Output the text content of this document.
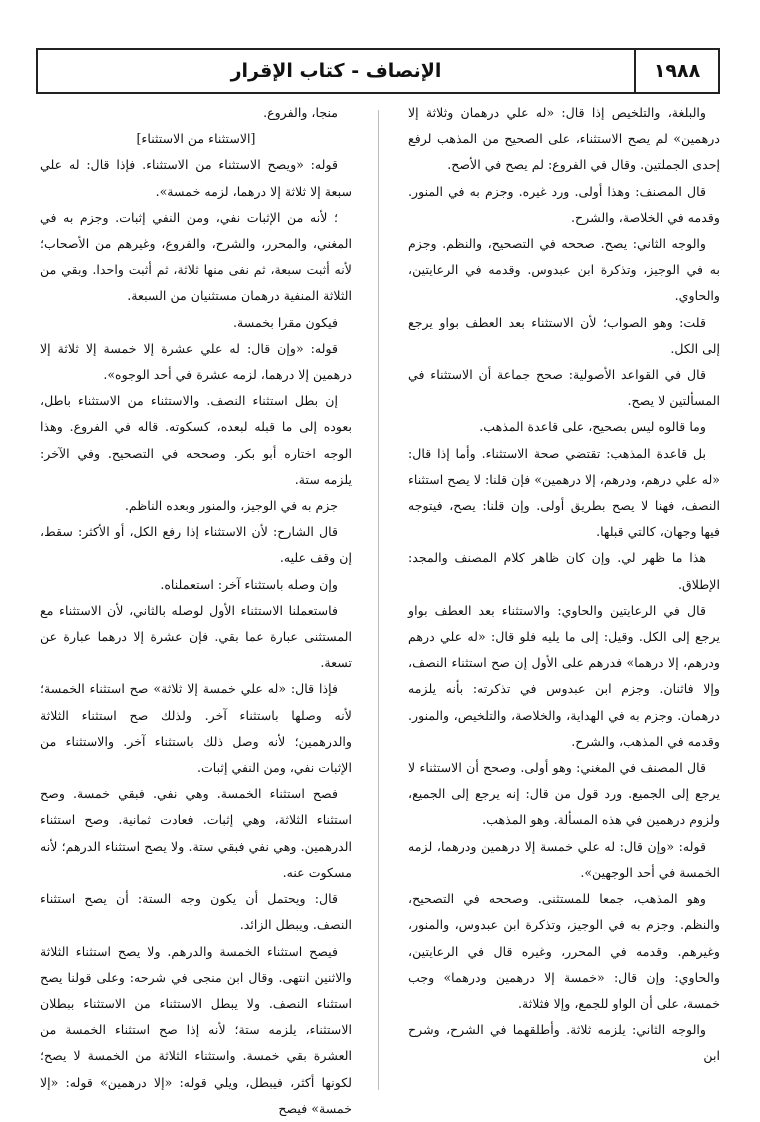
١٩٨٨
الإنصاف - كتاب الإقرار

والبلغة، والتلخيص إذا قال: «له علي درهمان وثلاثة إلا درهمين» لم يصح الاستثناء، على الصحيح من المذهب لرفع إحدى الجملتين. وقال في الفروع: لم يصح في الأصح.

قال المصنف: وهذا أولى. ورد غيره. وجزم به في المنور. وقدمه في الخلاصة، والشرح.

والوجه الثاني: يصح. صححه في التصحيح، والنظم. وجزم به في الوجيز، وتذكرة ابن عبدوس. وقدمه في الرعايتين، والحاوي.

قلت: وهو الصواب؛ لأن الاستثناء بعد العطف بواو يرجع إلى الكل.

قال في القواعد الأصولية: صحح جماعة أن الاستثناء في المسألتين لا يصح.

وما قالوه ليس بصحيح، على قاعدة المذهب.

بل قاعدة المذهب: تقتضي صحة الاستثناء. وأما إذا قال: «له علي درهم، ودرهم، إلا درهمين» فإن قلنا: لا يصح استثناء النصف، فهنا لا يصح بطريق أولى. وإن قلنا: يصح، فيتوجه فيها وجهان، كالتي قبلها.

هذا ما ظهر لي. وإن كان ظاهر كلام المصنف والمجد: الإطلاق.

قال في الرعايتين والحاوي: والاستثناء بعد العطف بواو يرجع إلى الكل. وقيل: إلى ما يليه فلو قال: «له علي درهم ودرهم، إلا درهما» فدرهم على الأول إن صح استثناء النصف، وإلا فاثنان. وجزم ابن عبدوس في تذكرته: بأنه يلزمه درهمان. وجزم به في الهداية، والخلاصة، والتلخيص، والمنور. وقدمه في المذهب، والشرح.

قال المصنف في المغني: وهو أولى. وصحح أن الاستثناء لا يرجع إلى الجميع. ورد قول من قال: إنه يرجع إلى الجميع، ولزوم درهمين في هذه المسألة. وهو المذهب.

قوله: «وإن قال: له علي خمسة إلا درهمين ودرهما، لزمه الخمسة في أحد الوجهين».

وهو المذهب، جمعا للمستثنى. وصححه في التصحيح، والنظم. وجزم به في الوجيز، وتذكرة ابن عبدوس، والمنور، وغيرهم. وقدمه في المحرر، وغيره قال في الرعايتين، والحاوي: وإن قال: «خمسة إلا درهمين ودرهما» وجب خمسة، على أن الواو للجمع، وإلا فثلاثة.

والوجه الثاني: يلزمه ثلاثة. وأطلقهما في الشرح، وشرح ابن

منجا، والفروع.

[الاستثناء من الاستثناء]

قوله: «ويصح الاستثناء من الاستثناء. فإذا قال: له علي سبعة إلا ثلاثة إلا درهما، لزمه خمسة».

؛ لأنه من الإثبات نفي، ومن النفي إثبات. وجزم به في المغني، والمحرر، والشرح، والفروع، وغيرهم من الأصحاب؛ لأنه أثبت سبعة، ثم نفى منها ثلاثة، ثم أثبت واحدا. وبقي من الثلاثة المنفية درهمان مستثنيان من السبعة.

فيكون مقرا بخمسة.

قوله: «وإن قال: له علي عشرة إلا خمسة إلا ثلاثة إلا درهمين إلا درهما، لزمه عشرة في أحد الوجوه».

إن بطل استثناء النصف. والاستثناء من الاستثناء باطل، بعوده إلى ما قبله لبعده، كسكوته. قاله في الفروع. وهذا الوجه اختاره أبو بكر. وصححه في التصحيح. وفي الآخر: يلزمه ستة.

جزم به في الوجيز، والمنور وبعده الناظم.

قال الشارح: لأن الاستثناء إذا رفع الكل، أو الأكثر: سقط، إن وقف عليه.

وإن وصله باستثناء آخر: استعملناه.

فاستعملنا الاستثناء الأول لوصله بالثاني، لأن الاستثناء مع المستثنى عبارة عما بقي. فإن عشرة إلا درهما عبارة عن تسعة.

فإذا قال: «له علي خمسة إلا ثلاثة» صح استثناء الخمسة؛ لأنه وصلها باستثناء آخر. ولذلك صح استثناء الثلاثة والدرهمين؛ لأنه وصل ذلك باستثناء آخر. والاستثناء من الإثبات نفي، ومن النفي إثبات.

فصح استثناء الخمسة. وهي نفي. فبقي خمسة. وصح استثناء الثلاثة، وهي إثبات. فعادت ثمانية. وصح استثناء الدرهمين. وهي نفي فبقي ستة. ولا يصح استثناء الدرهم؛ لأنه مسكوت عنه.

قال: ويحتمل أن يكون وجه الستة: أن يصح استثناء النصف. ويبطل الزائد.

فيصح استثناء الخمسة والدرهم. ولا يصح استثناء الثلاثة والاثنين انتهى. وقال ابن منجى في شرحه: وعلى قولنا يصح استثناء النصف. ولا يبطل الاستثناء من الاستثناء ببطلان الاستثناء، يلزمه ستة؛ لأنه إذا صح استثناء الخمسة من العشرة بقي خمسة. واستثناء الثلاثة من الخمسة لا يصح؛ لكونها أكثر، فيبطل، ويلي قوله: «إلا درهمين» قوله: «إلا خمسة» فيصح
